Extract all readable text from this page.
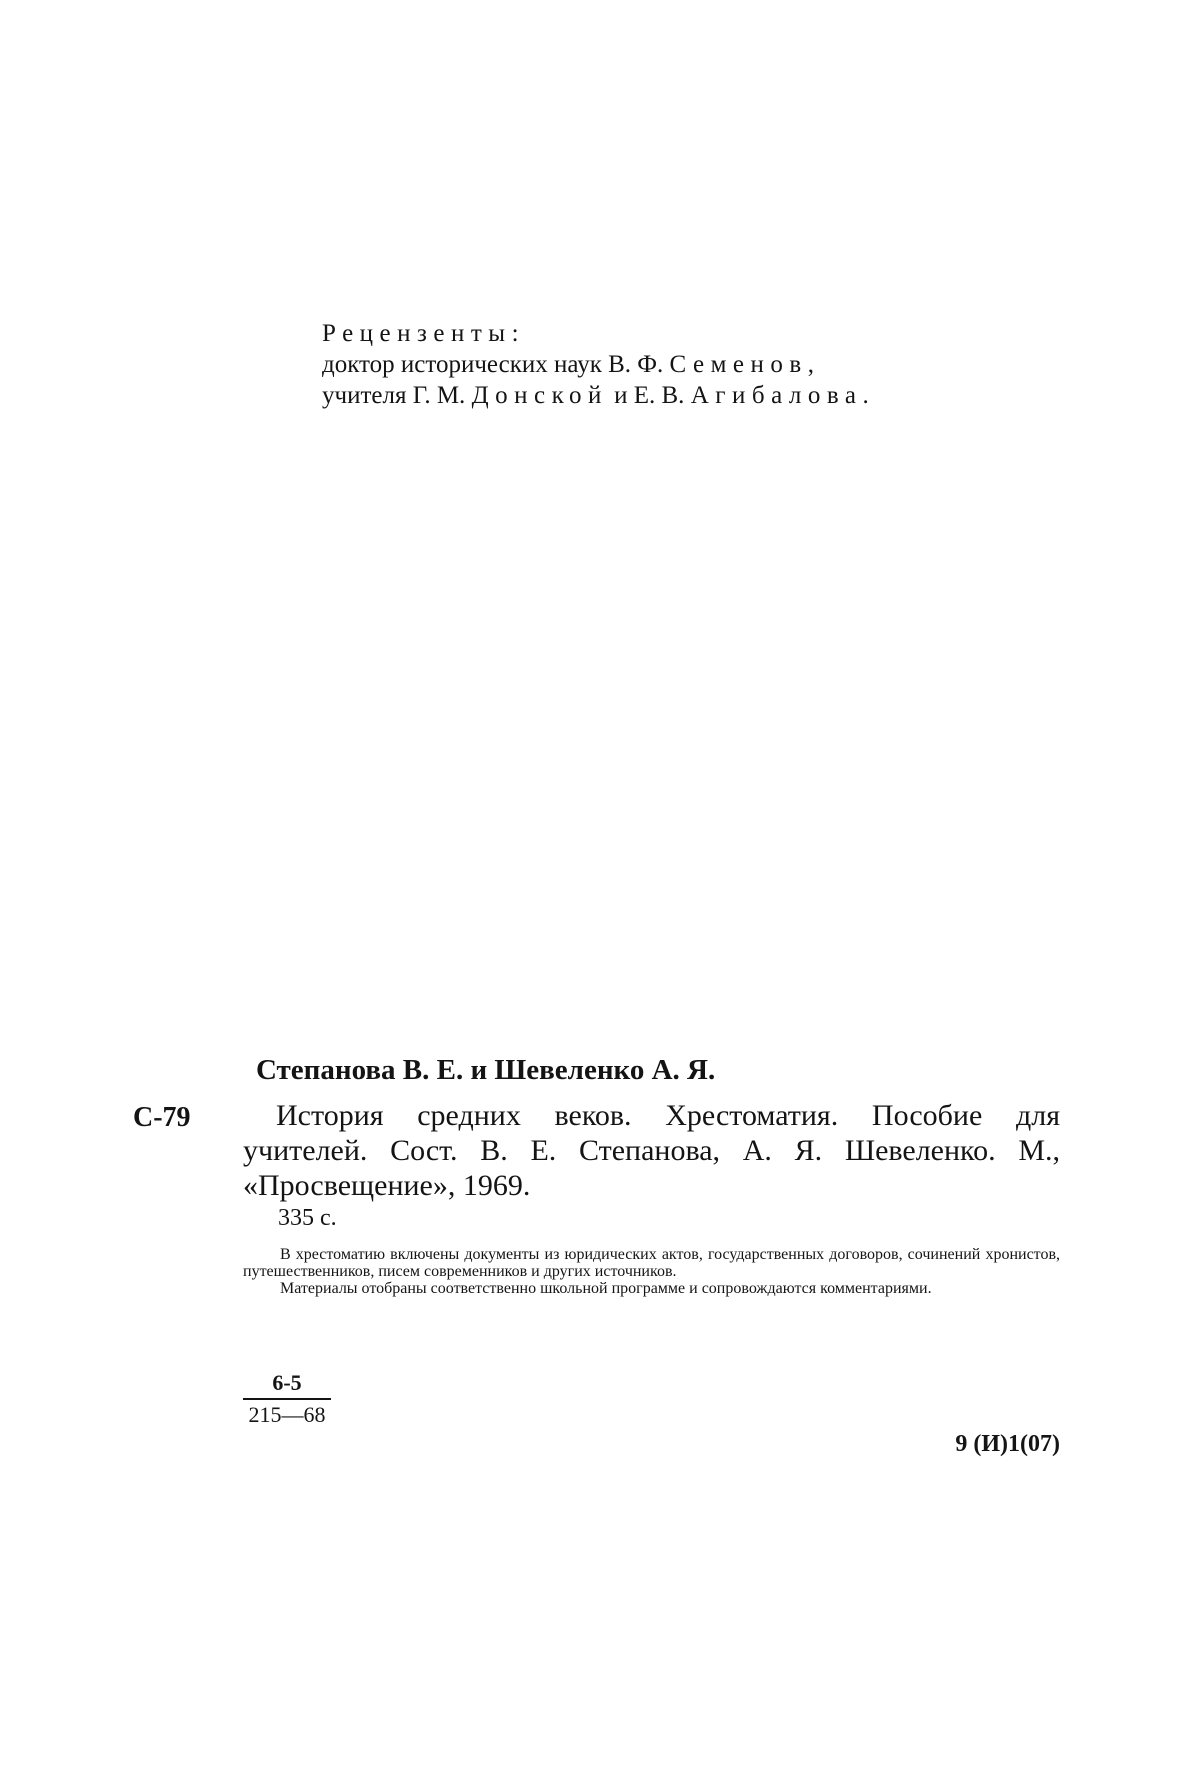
Рецензенты:
доктор исторических наук В. Ф. Семенов,
учителя Г. М. Донской и Е. В. Агибалова.
Степанова В. Е. и Шевеленко А. Я.
С-79	История средних веков. Хрестоматия. Пособие для учителей. Сост. В. Е. Степанова, А. Я. Шевеленко. М., «Просвещение», 1969.
335 с.

В хрестоматию включены документы из юридических актов, государственных договоров, сочинений хронистов, путешественников, писем современников и других источников.

Материалы отобраны соответственно школьной программе и сопровождаются комментариями.

$\frac{6-5}{215—68}$
9 (И)1(07)
